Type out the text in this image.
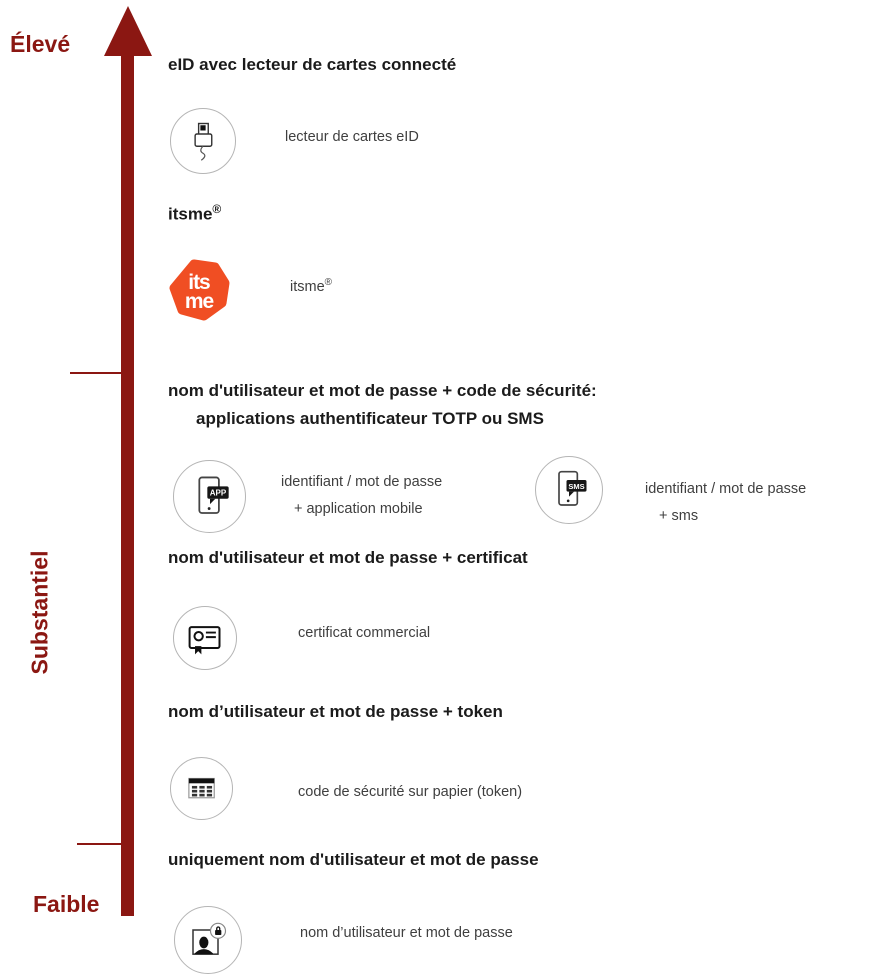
Élevé
Substantiel
Faible
eID avec lecteur de cartes connecté
lecteur de cartes eID
itsme®
its
me
itsme®
nom d'utilisateur et mot de passe + code de sécurité:
applications authentificateur TOTP ou SMS
APP
identifiant / mot de passe
+ application mobile
SMS	identifiant / mot de passe
+ sms
nom d'utilisateur et mot de passe + certificat
certificat commercial
nom d’utilisateur et mot de passe + token
code de sécurité sur papier (token)
uniquement nom d'utilisateur et mot de passe
nom d’utilisateur et mot de passe
